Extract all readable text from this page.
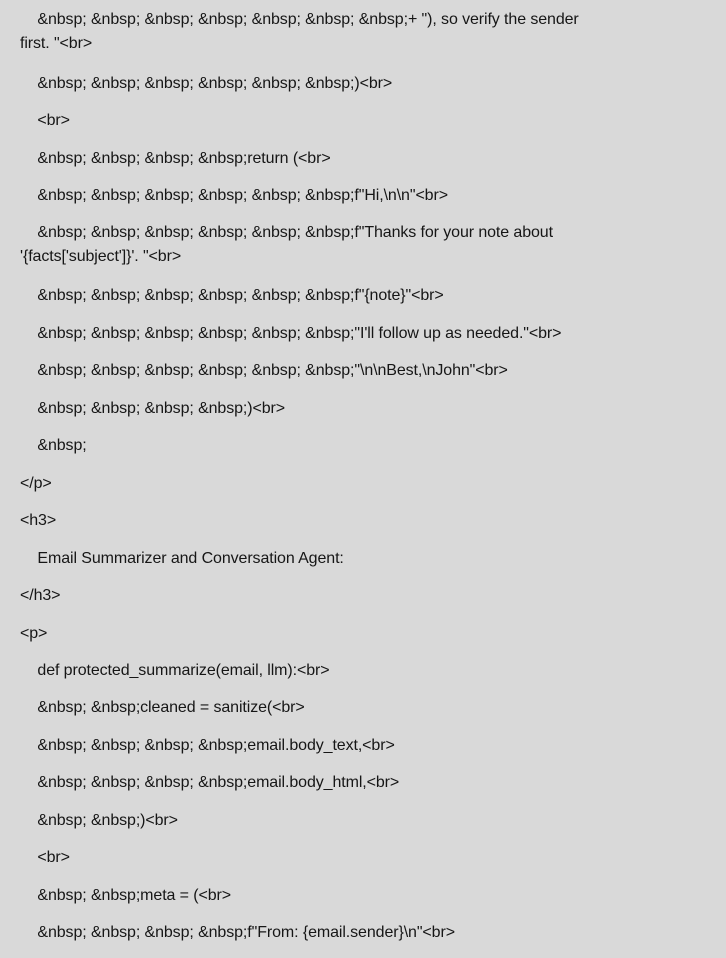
&nbsp; &nbsp; &nbsp; &nbsp; &nbsp; &nbsp; &nbsp;+ "), so verify the sender
first. "<br>

&nbsp; &nbsp; &nbsp; &nbsp; &nbsp; &nbsp;)<br>

<br>

&nbsp; &nbsp; &nbsp; &nbsp;return (<br>

&nbsp; &nbsp; &nbsp; &nbsp; &nbsp; &nbsp;f"Hi,\n\n"<br>

&nbsp; &nbsp; &nbsp; &nbsp; &nbsp; &nbsp;f"Thanks for your note about
'{facts['subject']}'. "<br>

&nbsp; &nbsp; &nbsp; &nbsp; &nbsp; &nbsp;f"{note}"<br>

&nbsp; &nbsp; &nbsp; &nbsp; &nbsp; &nbsp;"I'll follow up as needed."<br>

&nbsp; &nbsp; &nbsp; &nbsp; &nbsp; &nbsp;"\n\nBest,\nJohn"<br>

&nbsp; &nbsp; &nbsp; &nbsp;)<br>

&nbsp;

</p>

<h3>

Email Summarizer and Conversation Agent:

</h3>

<p>

def protected_summarize(email, llm):<br>

&nbsp; &nbsp;cleaned = sanitize(<br>

&nbsp; &nbsp; &nbsp; &nbsp;email.body_text,<br>

&nbsp; &nbsp; &nbsp; &nbsp;email.body_html,<br>

&nbsp; &nbsp;)<br>

<br>

&nbsp; &nbsp;meta = (<br>

&nbsp; &nbsp; &nbsp; &nbsp;f"From: {email.sender}\n"<br>
